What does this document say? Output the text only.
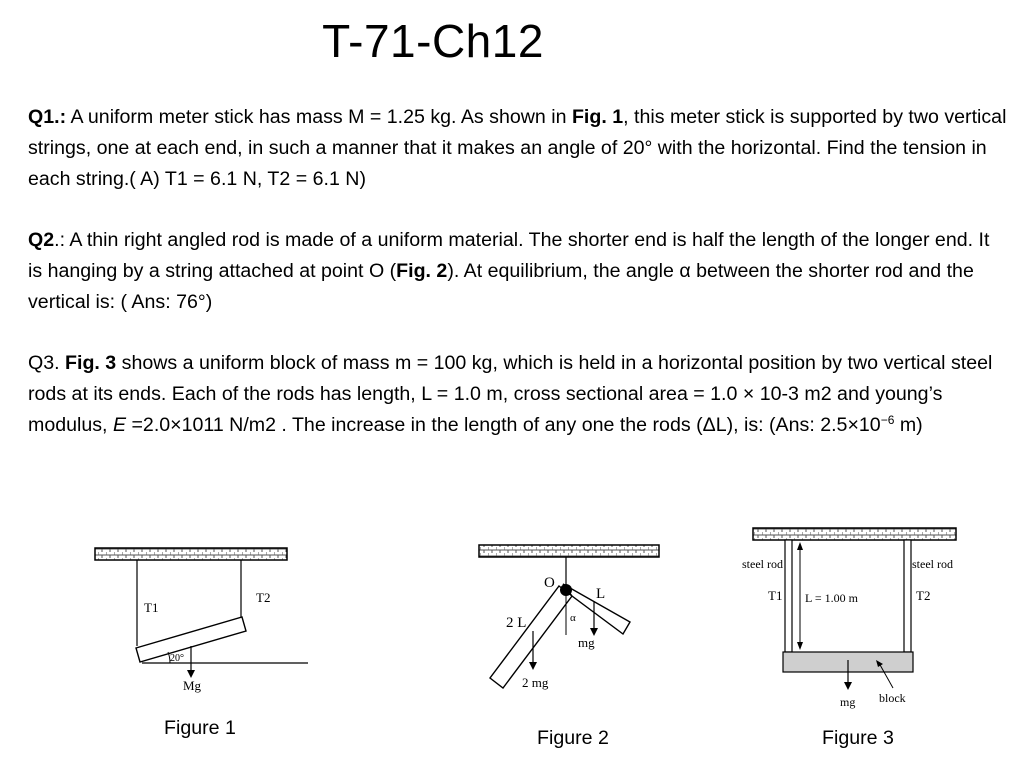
T-71-Ch12

Q1.: A uniform meter stick has mass M = 1.25 kg. As shown in Fig. 1, this meter stick is supported by two vertical strings, one at each end, in such a manner that it makes an angle of 20° with the horizontal. Find the tension in each string.( A) T1 = 6.1 N, T2 = 6.1 N)

Q2.: A thin right angled rod is made of a uniform material. The shorter end is half the length of the longer end. It is hanging by a string attached at point O (Fig. 2). At equilibrium, the angle α between the shorter rod and the vertical is: ( Ans: 76°)

Q3. Fig. 3 shows a uniform block of mass m = 100 kg, which is held in a horizontal position by two vertical steel rods at its ends. Each of the rods has length, L = 1.0 m, cross sectional area = 1.0 × 10-3 m2 and young’s modulus, E =2.0×1011 N/m2 . The increase in the length of any one the rods (ΔL), is: (Ans: $2.5\times 10^{-6}$ m)

T1
T2
20°
Mg
O
L
2 L	α
mg
2 mg
steel rod	steel rod
T1	T2
L = 1.00 m
mg block

Figure 1	Figure 2	Figure 3
